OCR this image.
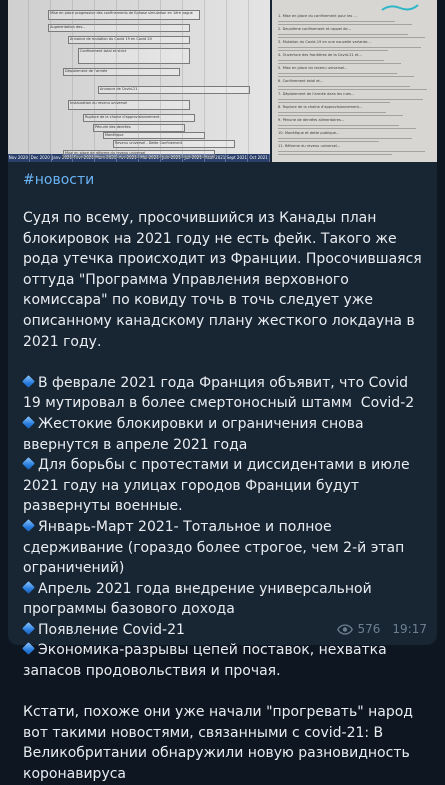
Nov 2020 Dec 2020 Janv 2021 Fevr 2021 Mars 2021 Avr 2021 Mai 2021 Juin 2021 Juil 2021 Aout 2021 Sept 2021 Oct 2021
Mise en place progressive des confinements de Ephase simulation en 1ère vague
Augmentation des...
Annonce de mutation du Covid 19 en Covid 20
Confinement total et strict
Déploiement de l'armée
Annonce de Covid-21
Instauration du revenu universel
Rupture de la chaîne d'approvisionnement
Pénurie des denrées
Monétique
Revenu universel - Dette Confinement
Mise en place de réforme du revenu universel
1. Mise en place du confinement pour les ...
2. Deuxième confinement et rappel de...
3. Mutation du Covid-19 en une nouvelle variante...
4. Ouverture des frontières de la Covid-21 et...
5. Mise en place du revenu universel...
6. Confinement total et...
7. Déploiement de l'armée dans les rues...
8. Rupture de la chaîne d'approvisionnement...
9. Pénurie de denrées alimentaires...
10. Monétique et dette publique...
11. Réforme du revenu universel...
#новости
Судя по всему, просочившийся из Канады план блокировок на 2021 году не есть фейк. Такого же рода утечка происходит из Франции. Просочившаяся оттуда "Программа Управления верховного комиссара" по ковиду точь в точь следует уже описанному канадскому плану жесткого локдауна в 2021 году.

В феврале 2021 года Франция объявит, что Covid 19 мутировал в более смертоносный штамм  Covid-2
Жестокие блокировки и ограничения снова ввернутся в апреле 2021 года
Для борьбы с протестами и диссидентами в июле 2021 году на улицах городов Франции будут развернуты военные.
Январь-Март 2021- Тотальное и полное сдерживание (гораздо более строгое, чем 2-й этап ограничений)
Апрель 2021 года внедрение универсальной программы базового дохода
Появление Covid-21
Экономика-разрывы цепей поставок, нехватка запасов продовольствия и прочая.

Кстати, похоже они уже начали "прогревать" народ вот такими новостями, связанными с covid-21: В Великобритании обнаружили новую разновидность коронавируса
576 19:17
